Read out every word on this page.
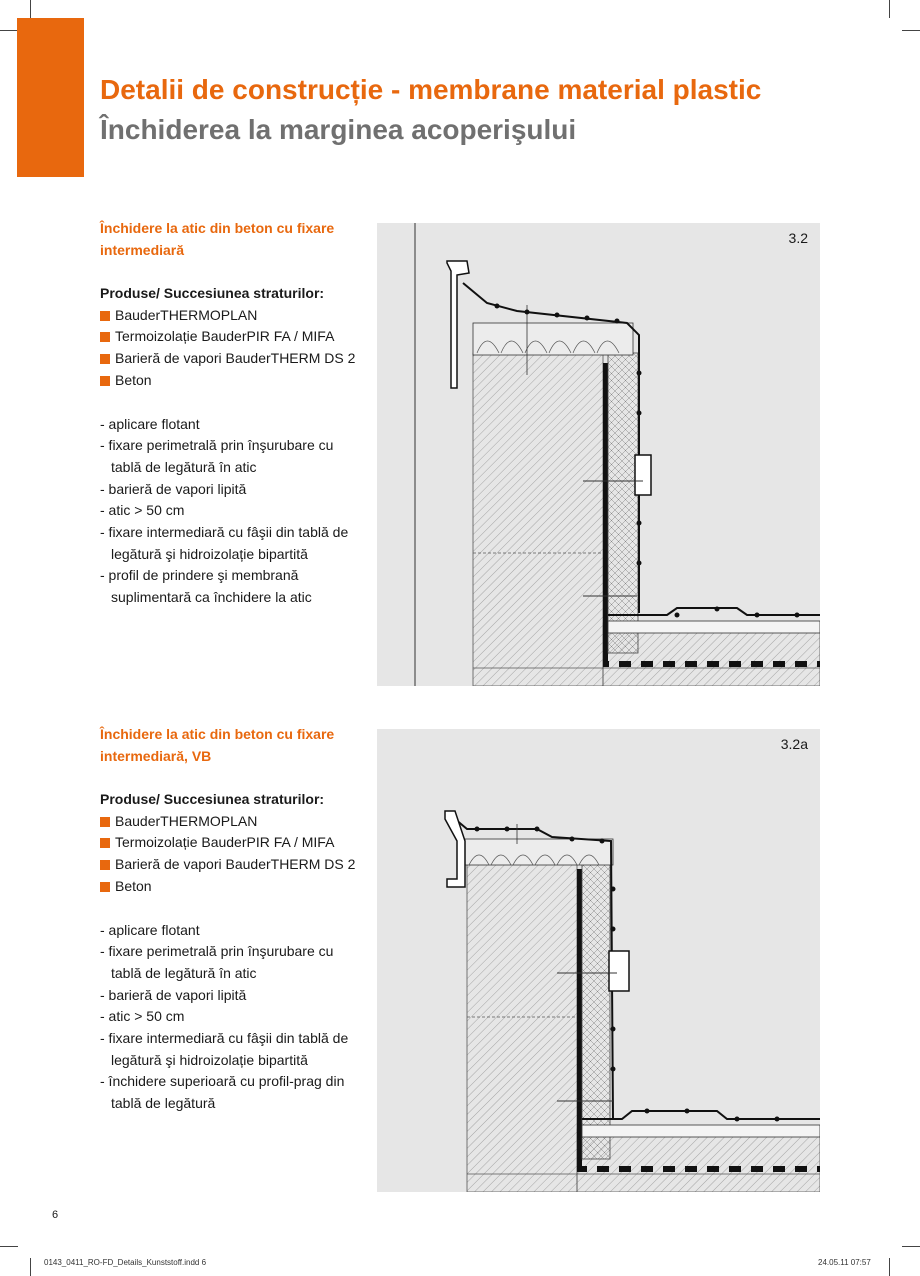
Detalii de construcție - membrane material plastic
Închiderea la marginea acoperişului
Închidere la atic din beton cu fixare
intermediară
Produse/ Succesiunea straturilor:
BauderTHERMOPLAN
Termoizolație BauderPIR FA / MIFA
Barieră de vapori BauderTHERM DS 2
Beton
- aplicare flotant
- fixare perimetrală prin înşurubare cu
tablă de legătură în atic
- barieră de vapori lipită
- atic > 50 cm
- fixare intermediară cu fâşii din tablă de
legătură şi hidroizolație bipartită
- profil de prindere şi membrană
suplimentară ca închidere la atic
3.2
Închidere la atic din beton cu fixare
intermediară, VB
Produse/ Succesiunea straturilor:
BauderTHERMOPLAN
Termoizolație BauderPIR FA / MIFA
Barieră de vapori BauderTHERM DS 2
Beton
- aplicare flotant
- fixare perimetrală prin înşurubare cu
tablă de legătură în atic
- barieră de vapori lipită
- atic > 50 cm
- fixare intermediară cu fâşii din tablă de
legătură şi hidroizolație bipartită
- închidere superioară cu profil-prag din
tablă de legătură
3.2a
6
0143_0411_RO-FD_Details_Kunststoff.indd 6	24.05.11 07:57
